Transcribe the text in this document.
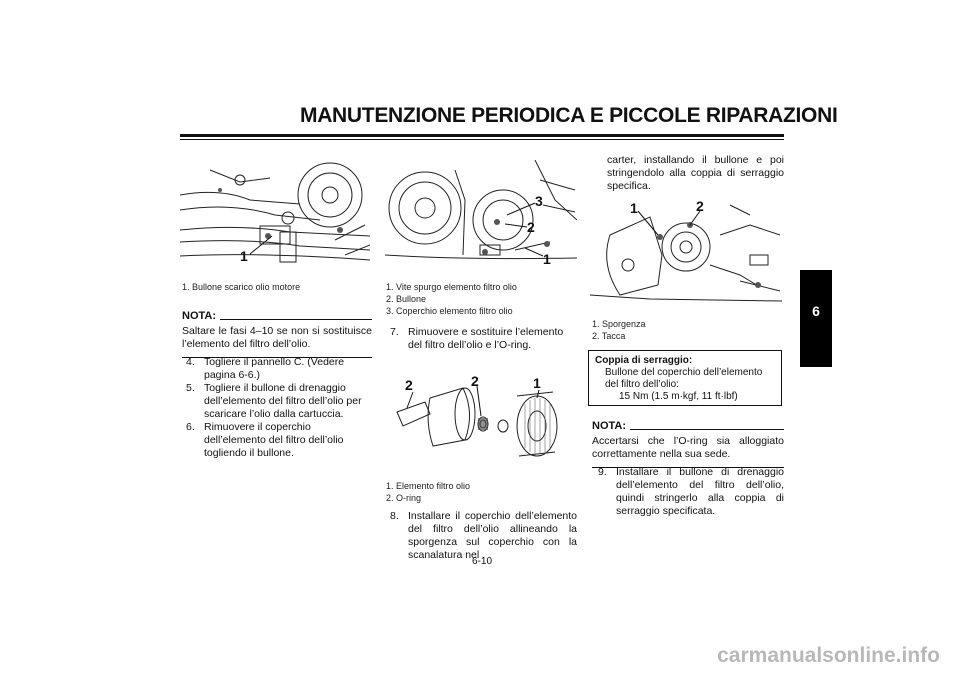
MANUTENZIONE PERIODICA E PICCOLE RIPARAZIONI
6
1
1. Bullone scarico olio motore
NOTA:
Saltare le fasi 4–10 se non si sostituisce l’elemento del filtro dell’olio.
4. Togliere il pannello C. (Vedere pagina 6-6.)
5. Togliere il bullone di drenaggio dell’elemento del filtro dell’olio per scaricare l’olio dalla cartuccia.
6. Rimuovere il coperchio dell’elemento del filtro dell’olio togliendo il bullone.
3
2
1
1. Vite spurgo elemento filtro olio
2. Bullone
3. Coperchio elemento filtro olio
7. Rimuovere e sostituire l’elemento del filtro dell’olio e l’O-ring.
2	2	1
1. Elemento filtro olio
2. O-ring
8. Installare il coperchio dell’elemento del filtro dell’olio allineando la sporgenza sul coperchio con la scanalatura nel
carter, installando il bullone e poi stringendolo alla coppia di serraggio specifica.
1	2
1. Sporgenza
2. Tacca
Coppia di serraggio:
Bullone del coperchio dell’elemento del filtro dell’olio:
15 Nm (1.5 m·kgf, 11 ft·lbf)
NOTA:
Accertarsi che l’O-ring sia alloggiato correttamente nella sua sede.
9. Installare il bullone di drenaggio dell’elemento del filtro dell’olio, quindi stringerlo alla coppia di serraggio specificata.
6-10
carmanualsonline.info
